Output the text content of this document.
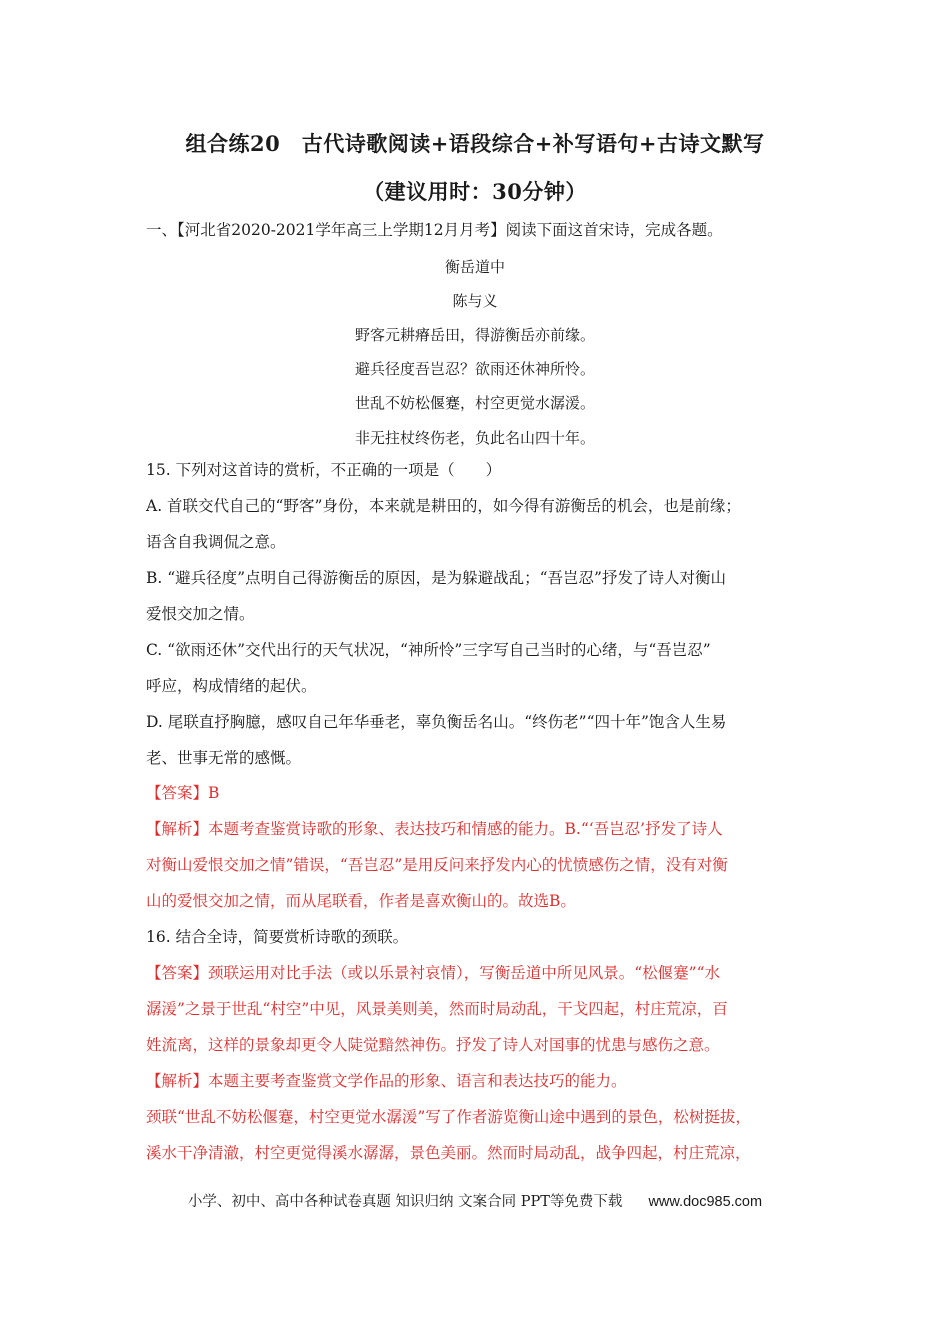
组合练20　古代诗歌阅读+语段综合+补写语句+古诗文默写
（建议用时：30分钟）
一、【河北省2020-2021学年高三上学期12月月考】阅读下面这首宋诗，完成各题。
衡岳道中
陈与义
野客元耕瘠岳田，得游衡岳亦前缘。
避兵径度吾岂忍？欲雨还休神所怜。
世乱不妨松偃蹇，村空更觉水潺湲。
非无拄杖终伤老，负此名山四十年。
15. 下列对这首诗的赏析，不正确的一项是（　　）
A. 首联交代自己的“野客”身份，本来就是耕田的，如今得有游衡岳的机会，也是前缘；
语含自我调侃之意。
B. “避兵径度”点明自己得游衡岳的原因，是为躲避战乱；“吾岂忍”抒发了诗人对衡山
爱恨交加之情。
C. “欲雨还休”交代出行的天气状况，“神所怜”三字写自己当时的心绪，与“吾岂忍”
呼应，构成情绪的起伏。
D. 尾联直抒胸臆，感叹自己年华垂老，辜负衡岳名山。“终伤老”“四十年”饱含人生易
老、世事无常的感慨。
【答案】B
【解析】本题考查鉴赏诗歌的形象、表达技巧和情感的能力。B.“‘吾岂忍’抒发了诗人
对衡山爱恨交加之情”错误，“吾岂忍”是用反问来抒发内心的忧愤感伤之情，没有对衡
山的爱恨交加之情，而从尾联看，作者是喜欢衡山的。故选B。
16. 结合全诗，简要赏析诗歌的颈联。
【答案】颈联运用对比手法（或以乐景衬哀情），写衡岳道中所见风景。“松偃蹇”“水
潺湲”之景于世乱“村空”中见，风景美则美，然而时局动乱，干戈四起，村庄荒凉，百
姓流离，这样的景象却更令人陡觉黯然神伤。抒发了诗人对国事的忧患与感伤之意。
【解析】本题主要考查鉴赏文学作品的形象、语言和表达技巧的能力。
颈联“世乱不妨松偃蹇，村空更觉水潺湲”写了作者游览衡山途中遇到的景色，松树挺拔，
溪水干净清澈，村空更觉得溪水潺潺，景色美丽。然而时局动乱，战争四起，村庄荒凉，
小学、初中、高中各种试卷真题 知识归纳 文案合同 PPT等免费下载 www.doc985.com
